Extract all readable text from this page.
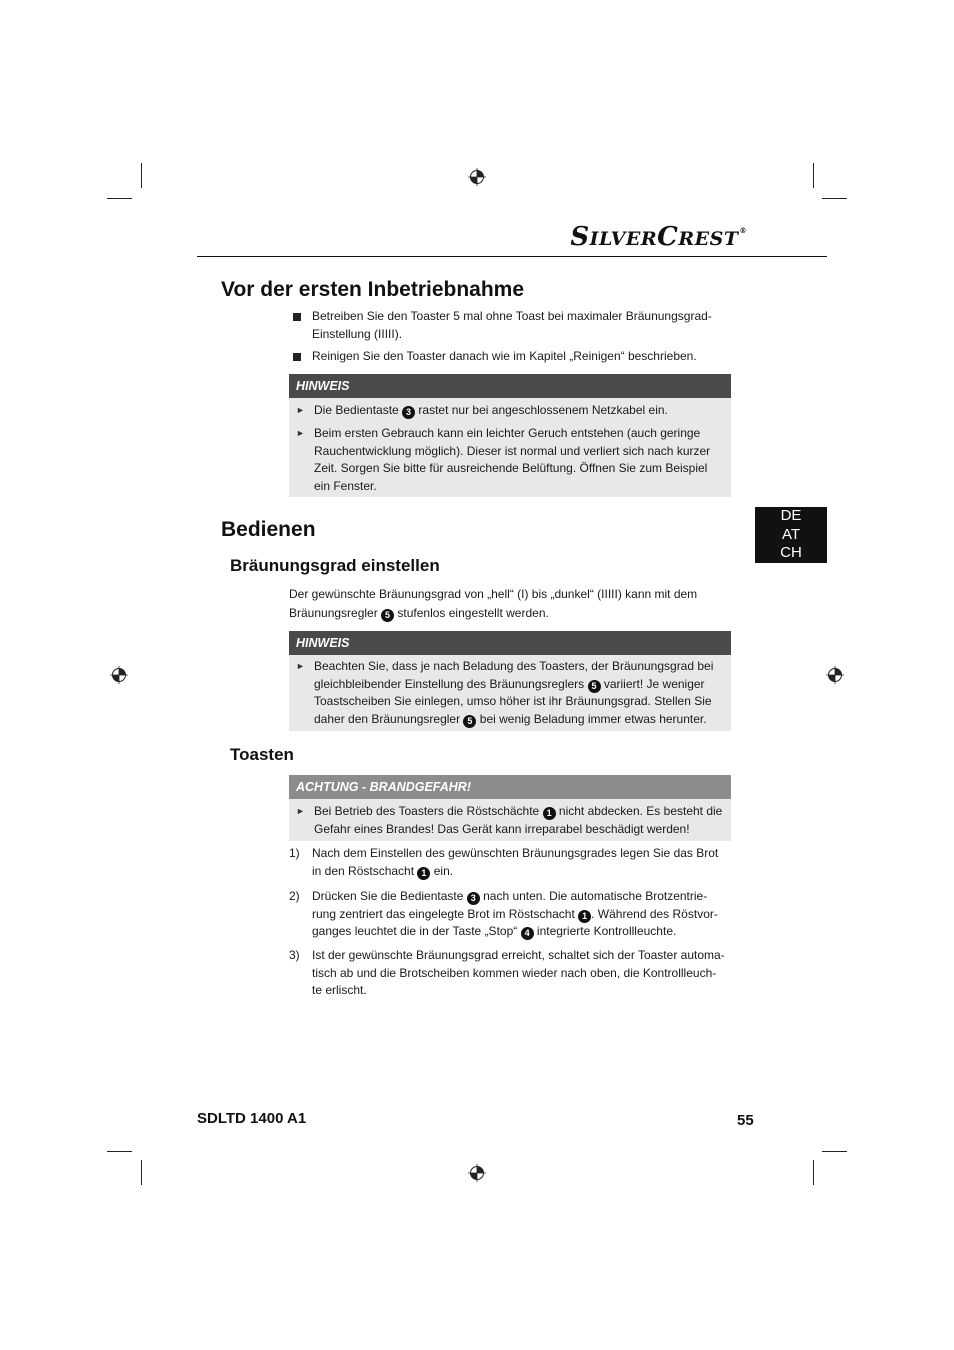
SILVERCREST®
Vor der ersten Inbetriebnahme
Betreiben Sie den Toaster 5 mal ohne Toast bei maximaler Bräunungsgrad-
Einstellung (IIIII).
Reinigen Sie den Toaster danach wie im Kapitel „Reinigen“ beschrieben.
HINWEIS
► Die Bedientaste 3 rastet nur bei angeschlossenem Netzkabel ein.
► Beim ersten Gebrauch kann ein leichter Geruch entstehen (auch geringe
Rauchentwicklung möglich). Dieser ist normal und verliert sich nach kurzer
Zeit. Sorgen Sie bitte für ausreichende Belüftung. Öffnen Sie zum Beispiel
ein Fenster.
Bedienen
DE
AT
CH
Bräunungsgrad einstellen
Der gewünschte Bräunungsgrad von „hell“ (I) bis „dunkel“ (IIIII) kann mit dem
Bräunungsregler 5 stufenlos eingestellt werden.
HINWEIS
► Beachten Sie, dass je nach Beladung des Toasters, der Bräunungsgrad bei
gleichbleibender Einstellung des Bräunungsreglers 5 variiert! Je weniger
Toastscheiben Sie einlegen, umso höher ist ihr Bräunungsgrad. Stellen Sie
daher den Bräunungsregler 5 bei wenig Beladung immer etwas herunter.
Toasten
ACHTUNG - BRANDGEFAHR!
► Bei Betrieb des Toasters die Röstschächte 1 nicht abdecken. Es besteht die
Gefahr eines Brandes! Das Gerät kann irreparabel beschädigt werden!
1) Nach dem Einstellen des gewünschten Bräunungsgrades legen Sie das Brot
in den Röstschacht 1 ein.
2) Drücken Sie die Bedientaste 3 nach unten. Die automatische Brotzentrie-
rung zentriert das eingelegte Brot im Röstschacht 1 . Während des Röstvor-
ganges leuchtet die in der Taste „Stop“ 4 integrierte Kontrollleuchte.
3) Ist der gewünschte Bräunungsgrad erreicht, schaltet sich der Toaster automa-
tisch ab und die Brotscheiben kommen wieder nach oben, die Kontrollleuch-
te erlischt.
SDLTD 1400 A1	55
